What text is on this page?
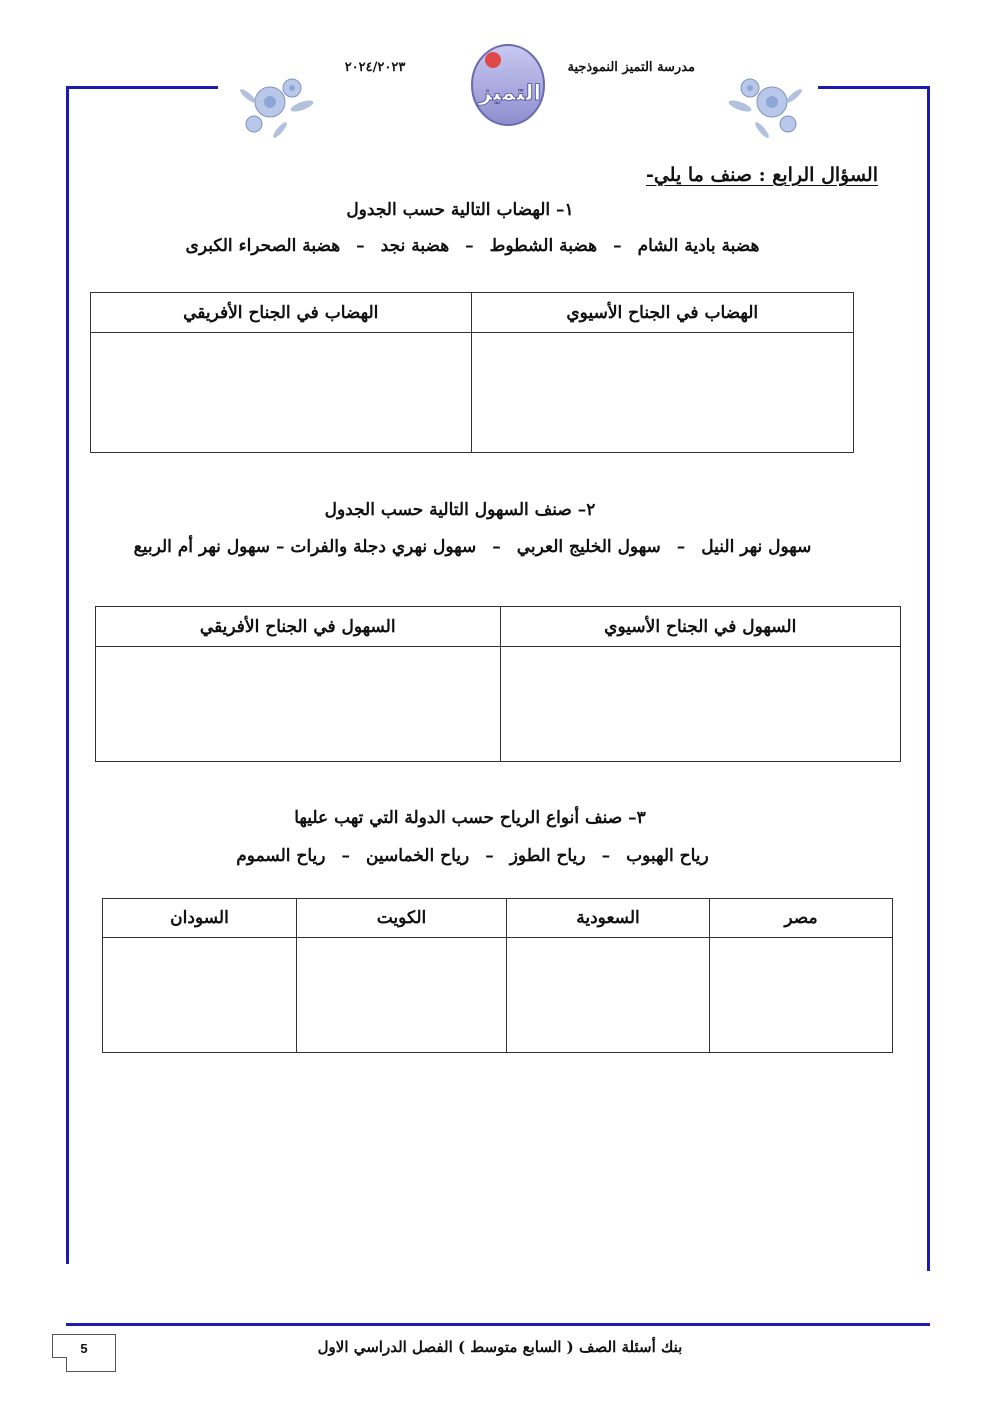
مدرسة التميز النموذجية
٢٠٢٤/٢٠٢٣
التميز
السؤال الرابع : صنف ما يلي-
١– الهضاب التالية حسب الجدول
هضبة بادية الشام
–
هضبة الشطوط
–
هضبة نجد
–
هضبة الصحراء الكبرى
الهضاب في الجناح الأسيوي	الهضاب في الجناح الأفريقي

٢– صنف السهول التالية حسب الجدول
سهول نهر النيل
–
سهول الخليج العربي
–
سهول نهري دجلة والفرات – سهول نهر أم الربيع
السهول في الجناح الأسيوي	السهول في الجناح الأفريقي

٣– صنف أنواع الرياح حسب الدولة التي تهب عليها
رياح الهبوب
–
رياح الطوز
–
رياح الخماسين
–
رياح السموم
مصر	السعودية	الكويت	السودان

5	بنك أسئلة الصف ( السابع متوسط ) الفصل الدراسي الاول
